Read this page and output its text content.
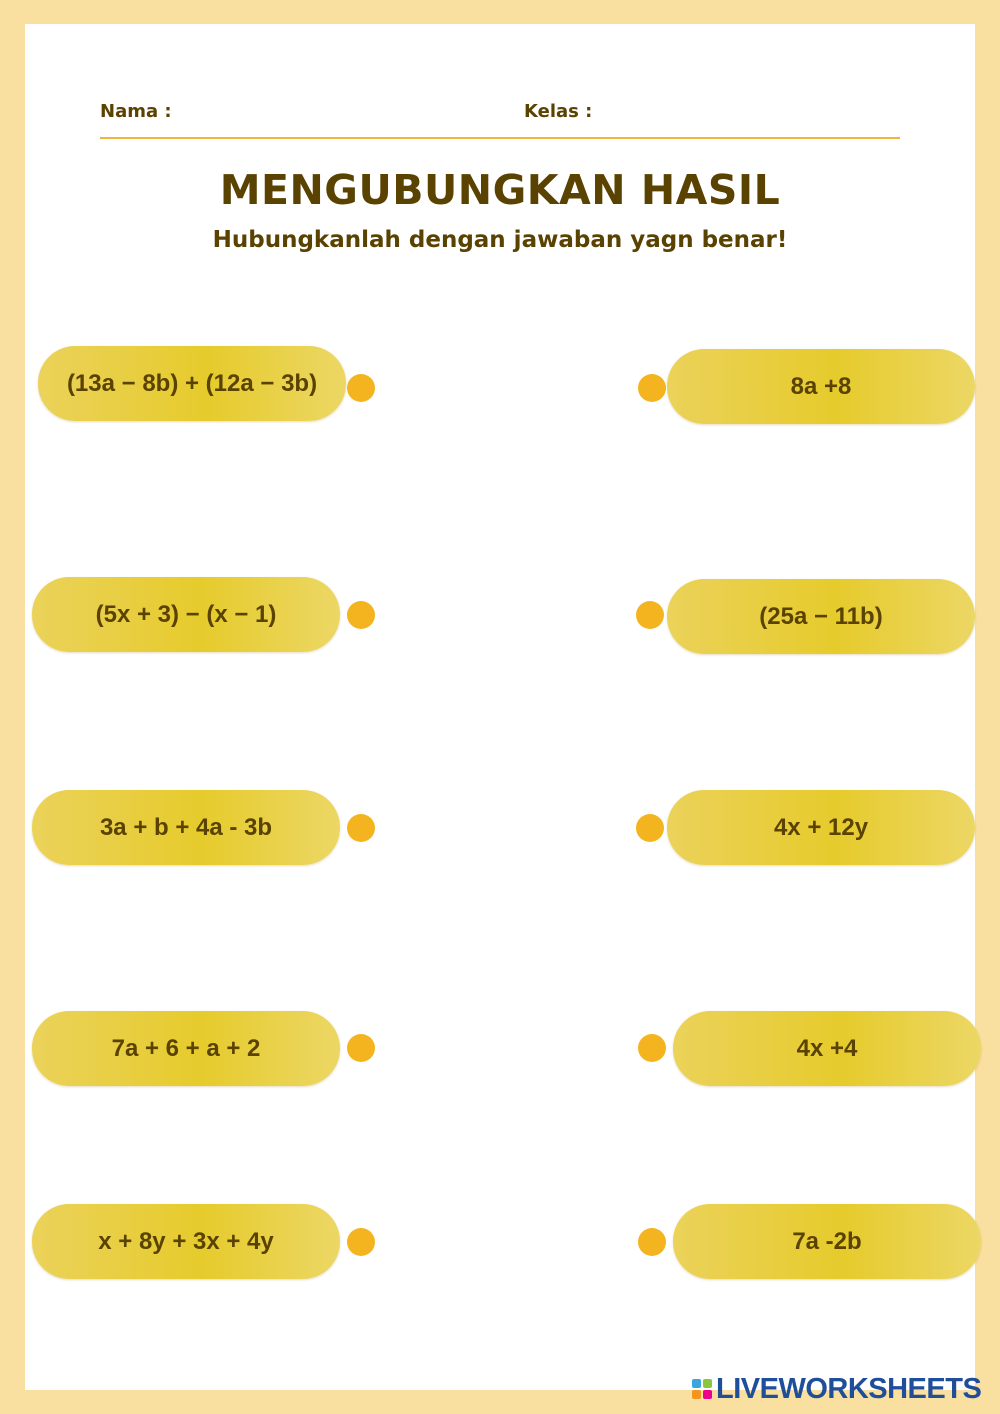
Nama :	Kelas :
MENGUBUNGKAN HASIL
Hubungkanlah dengan jawaban yagn benar!
(13a − 8b) + (12a − 3b)
(5x + 3) − (x − 1)
3a + b + 4a - 3b
7a + 6 + a + 2
x + 8y + 3x + 4y
8a +8
(25a − 11b)
4x + 12y
4x +4
7a -2b
LIVEWORKSHEETS
